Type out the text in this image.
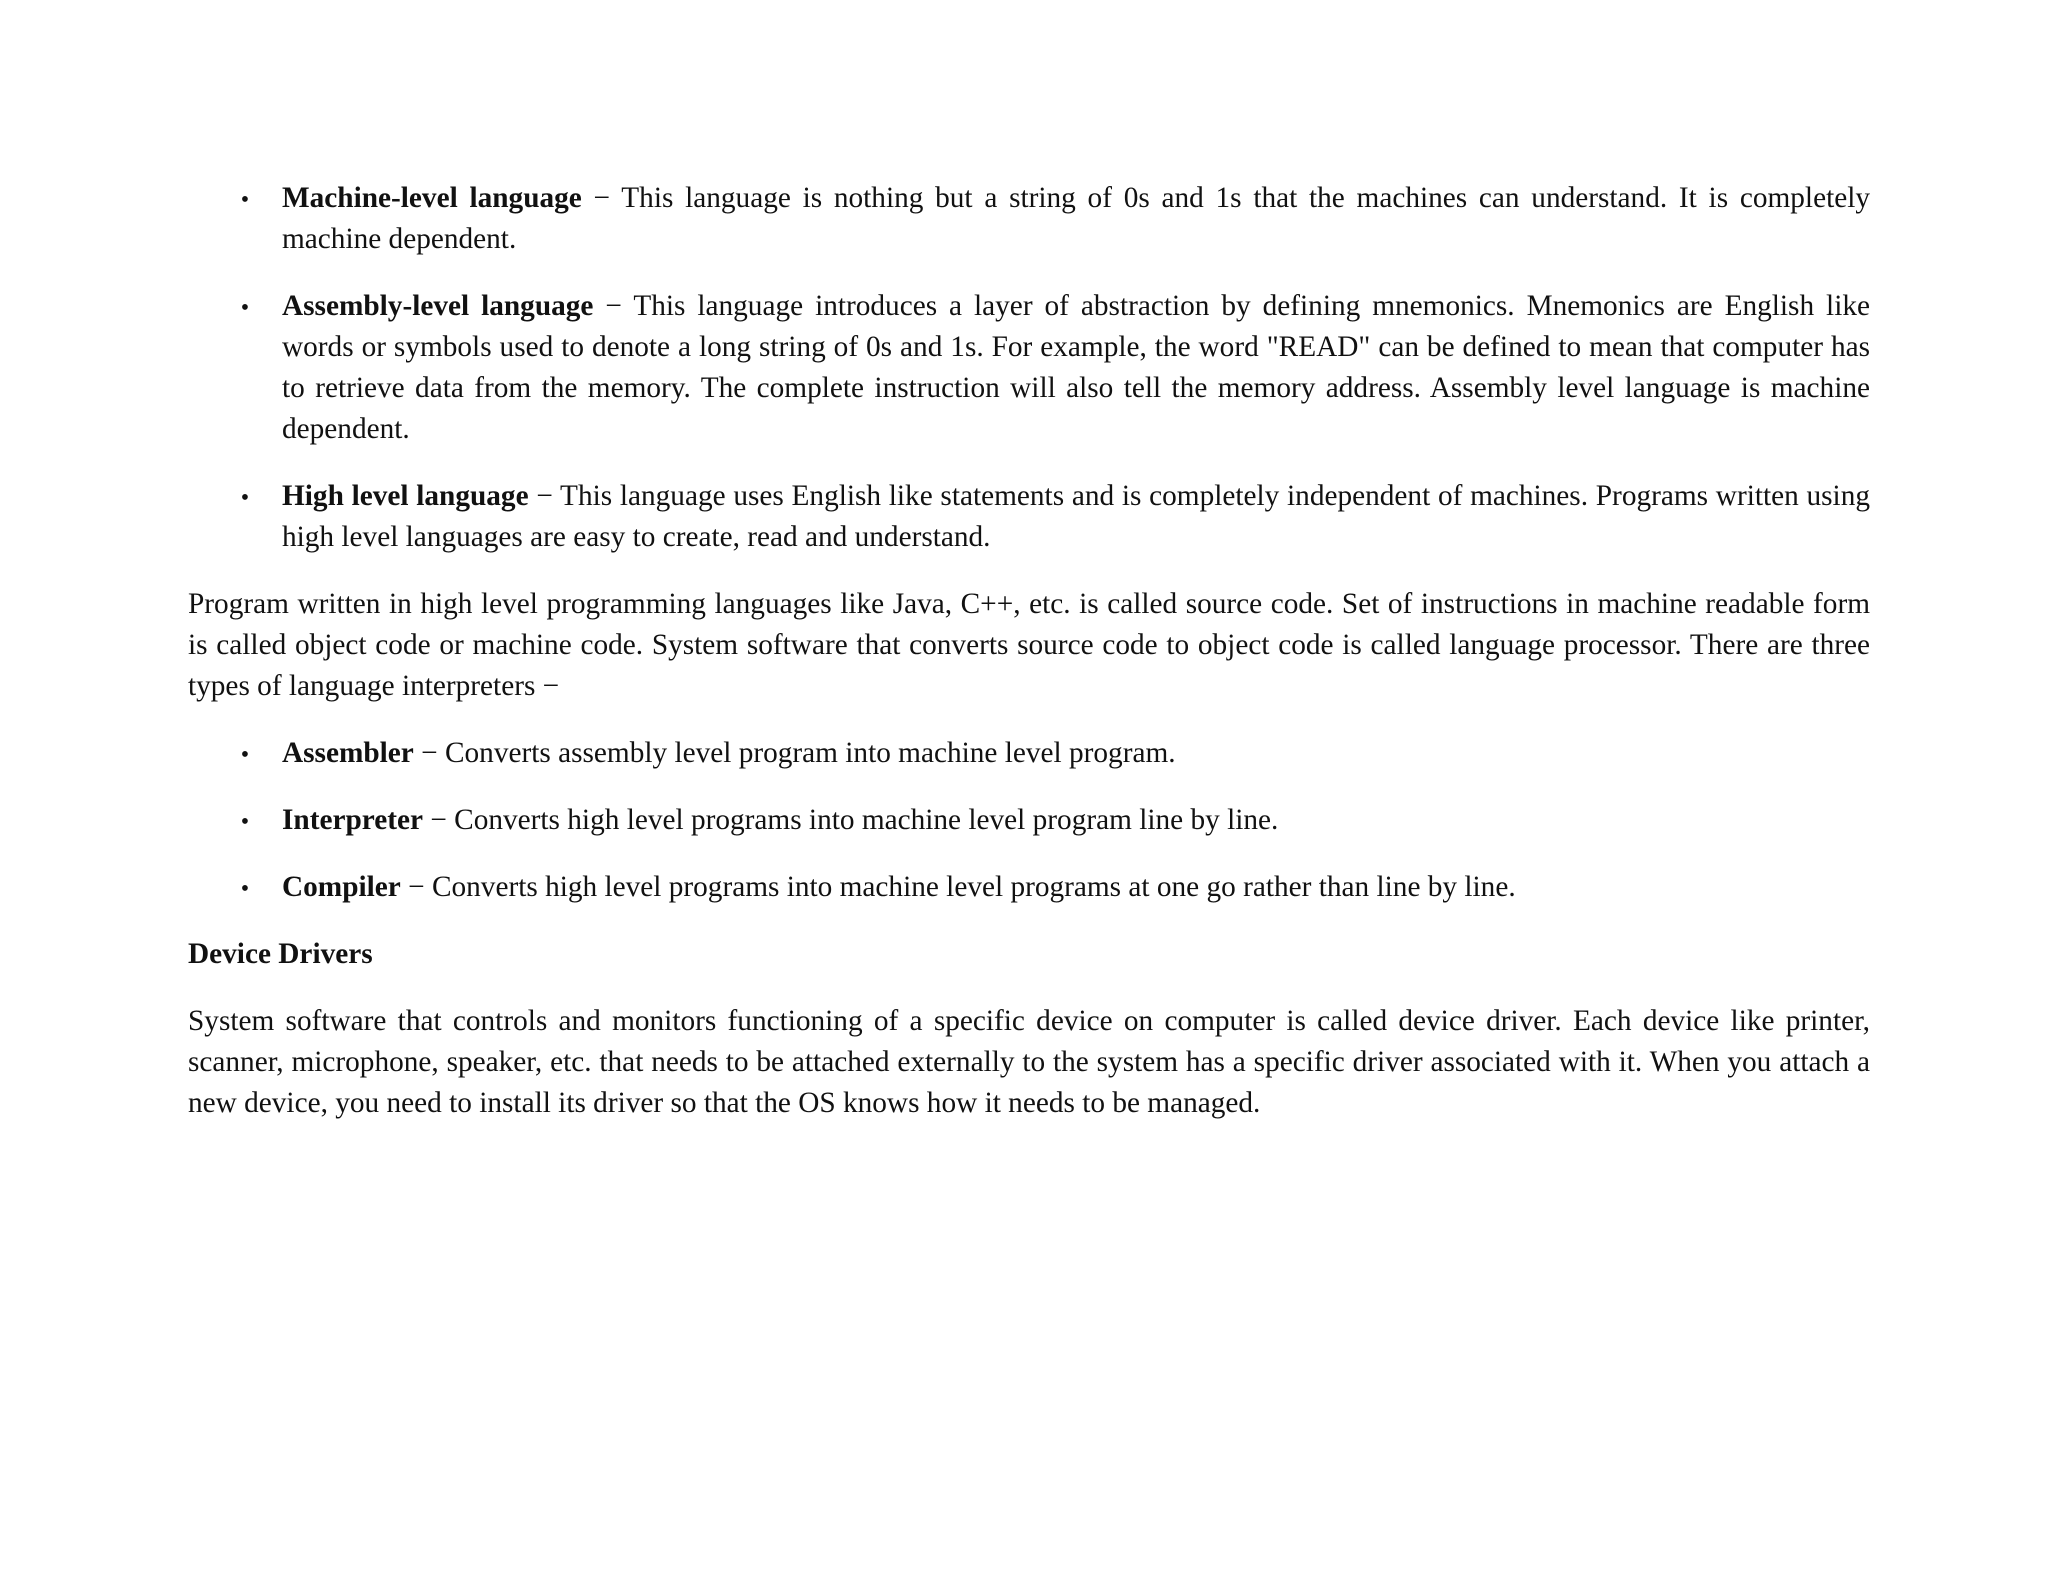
•
Machine-level language − This language is nothing but a string of 0s and 1s that the machines can understand. It is completely machine dependent.
•
Assembly-level language − This language introduces a layer of abstraction by defining mnemonics. Mnemonics are English like words or symbols used to denote a long string of 0s and 1s. For example, the word "READ" can be defined to mean that computer has to retrieve data from the memory. The complete instruction will also tell the memory address. Assembly level language is machine dependent.
•
High level language − This language uses English like statements and is completely independent of machines. Programs written using high level languages are easy to create, read and understand.

Program written in high level programming languages like Java, C++, etc. is called source code. Set of instructions in machine readable form is called object code or machine code. System software that converts source code to object code is called language processor. There are three types of language interpreters −

•
Assembler − Converts assembly level program into machine level program.
•
Interpreter − Converts high level programs into machine level program line by line.
•
Compiler − Converts high level programs into machine level programs at one go rather than line by line.
Device Drivers

System software that controls and monitors functioning of a specific device on computer is called device driver. Each device like printer, scanner, microphone, speaker, etc. that needs to be attached externally to the system has a specific driver associated with it. When you attach a new device, you need to install its driver so that the OS knows how it needs to be managed.
